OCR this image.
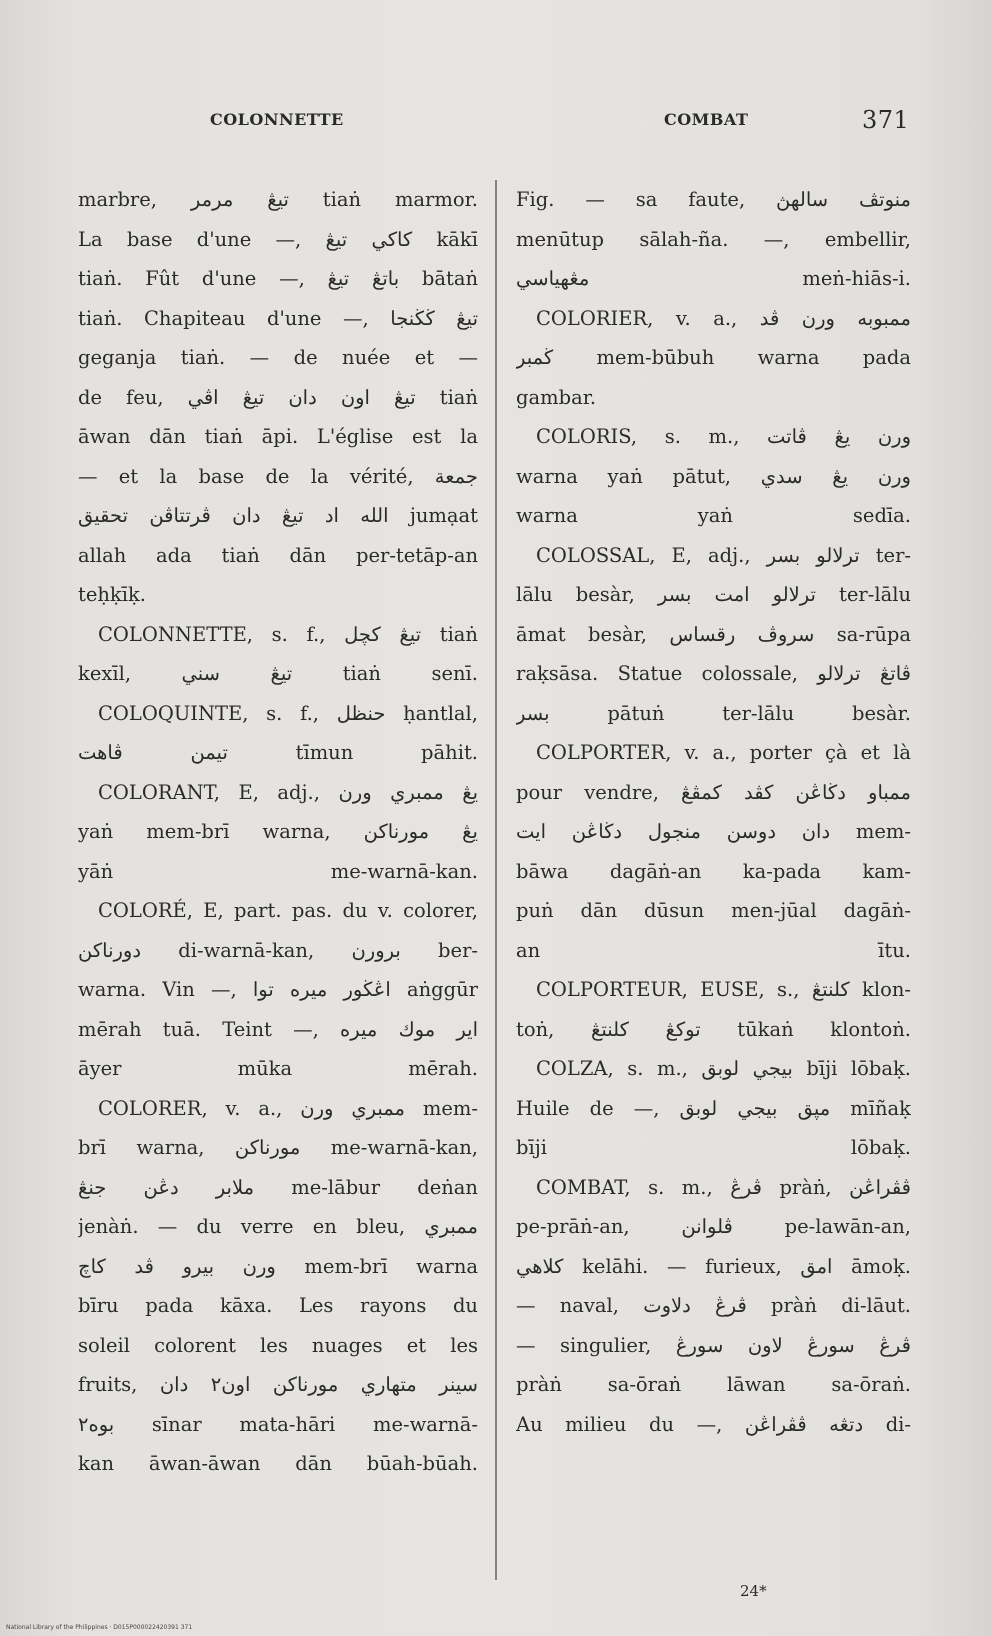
COLONNETTE	COMBAT	371
marbre, تيڠ مرمر tiaṅ marmor.
La base d'une —, كاكي تيڠ kākī
tiaṅ. Fût d'une —, باتڠ تيڠ bātaṅ
tiaṅ. Chapiteau d'une —, تيڠ ڬڬنجا
geganja tiaṅ. — de nuée et —
de feu, تيڠ اون دان تيڠ اڤي tiaṅ
āwan dān tiaṅ āpi. L'église est la
— et la base de la vérité, جمعة
الله اد تيڠ دان ڤرتتاڤن تحقيق jumạat
allah ada tiaṅ dān per-tetāp-an
teḥḳīḳ.
COLONNETTE, s. f., تيڠ كچل tiaṅ
kexīl, تيڠ سني tiaṅ senī.
COLOQUINTE, s. f., حنظل ḥantlal,
تيمن ڤاهت tīmun pāhit.
COLORANT, E, adj., يڠ ممبري ورن
yaṅ mem-brī warna, يڠ مورناكن
yāṅ me-warnā-kan.
COLORÉ, E, part. pas. du v. colorer,
دورناكن di-warnā-kan, برورن ber-
warna. Vin —, اڠڬور ميره توا aṅggūr
mērah tuā. Teint —, اير موك ميره
āyer mūka mērah.
COLORER, v. a., ممبري ورن mem-
brī warna, مورناكن me-warnā-kan,
ملابر دڠن جنڠ me-lābur deṅan
jenàṅ. — du verre en bleu, ممبري
ورن بيرو ڤد كاچ mem-brī warna
bīru pada kāxa. Les rayons du
soleil colorent les nuages et les
fruits, سينر متهاري مورناكن اون٢ دان
بوه٢ sīnar mata-hāri me-warnā-
kan āwan-āwan dān būah-būah.
Fig. — sa faute, منوتڤ سالهڽ
menūtup sālah-ña. —, embellir,
مڠهياسي meṅ-hiās-i.
COLORIER, v. a., ممبوبه ورن ڤد
ڬمبر mem-būbuh warna pada
gambar.
COLORIS, s. m., ورن يڠ ڤاتت
warna yaṅ pātut, ورن يڠ سدي
warna yaṅ sedīa.
COLOSSAL, E, adj., ترلالو بسر ter-
lālu besàr, ترلالو امت بسر ter-lālu
āmat besàr, سروڤ رقساس sa-rūpa
raḳsāsa. Statue colossale, ڤاتڠ ترلالو
بسر pātuṅ ter-lālu besàr.
COLPORTER, v. a., porter çà et là
pour vendre, ممباو دڬاڠن كڤد كمڤڠ
دان دوسن منجول دڬاڠن ايت mem-
bāwa dagāṅ-an ka-pada kam-
puṅ dān dūsun men-jūal dagāṅ-
an ītu.
COLPORTEUR, EUSE, s., كلنتڠ klon-
toṅ, توكڠ كلنتڠ tūkaṅ klontoṅ.
COLZA, s. m., بيجي لوبق bīji lōbaḳ.
Huile de —, مپق بيجي لوبق mīñaḳ
bīji lōbaḳ.
COMBAT, s. m., ڤرڠ pràṅ, ڤڤراڠن
pe-prāṅ-an, ڤلوانن pe-lawān-an,
كلاهي kelāhi. — furieux, امق āmoḳ.
— naval, ڤرڠ دلاوت pràṅ di-lāut.
— singulier, ڤرڠ سورڠ لاون سورڠ
pràṅ sa-ōraṅ lāwan sa-ōraṅ.
Au milieu du —, دتڠه ڤڤراڠن di-
24*
National Library of the Philippines · D015P000022420391 371
